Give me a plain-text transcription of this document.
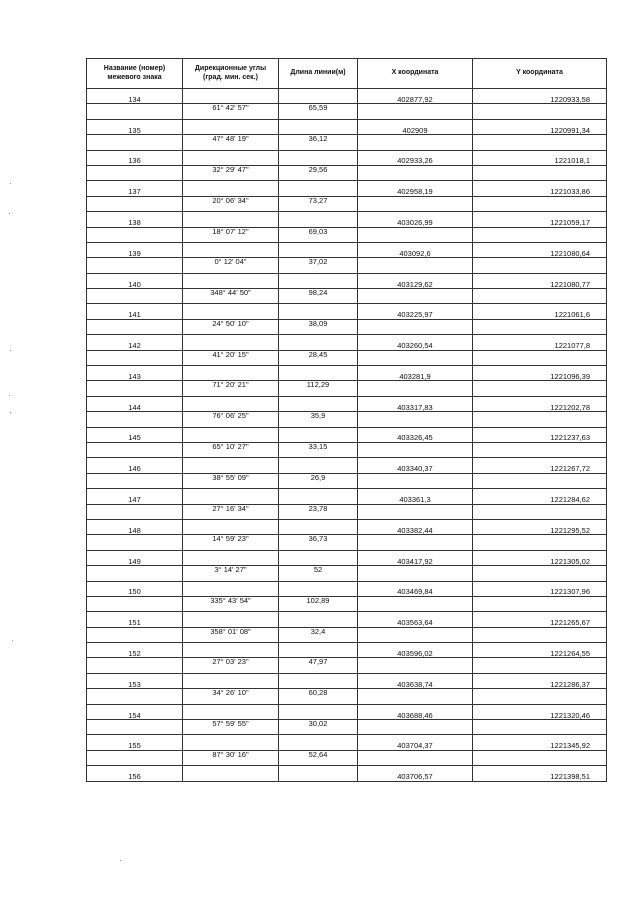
Название (номер) межевого знака	Дирекционные углы (град. мин. сек.)	Длина линии(м)	X координата	Y координата
134			402877,92	1220933,58
	61° 42' 57"	65,59		
135			402909	1220991,34
	47° 48' 19"	36,12		
136			402933,26	1221018,1
	32° 29' 47"	29,56		
137			402958,19	1221033,86
	20° 06' 34"	73,27		
138			403026,99	1221059,17
	18° 07' 12"	69,03		
139			403092,6	1221080,64
	0° 12' 04"	37,02		
140			403129,62	1221080,77
	348° 44' 50"	98,24		
141			403225,97	1221061,6
	24° 50' 10"	38,09		
142			403260,54	1221077,8
	41° 20' 15"	28,45		
143			403281,9	1221096,39
	71° 20' 21"	112,29		
144			403317,83	1221202,78
	76° 06' 25"	35,9		
145			403326,45	1221237,63
	65° 10' 27"	33,15		
146			403340,37	1221267,72
	38° 55' 09"	26,9		
147			403361,3	1221284,62
	27° 16' 34"	23,78		
148			403382,44	1221295,52
	14° 59' 23"	36,73		
149			403417,92	1221305,02
	3° 14' 27"	52		
150			403469,84	1221307,96
	335° 43' 54"	102,89		
151			403563,64	1221265,67
	358° 01' 08"	32,4		
152			403596,02	1221264,55
	27° 03' 23"	47,97		
153			403638,74	1221286,37
	34° 26' 10"	60,28		
154			403688,46	1221320,46
	57° 59' 55"	30,02		
155			403704,37	1221345,92
	87° 30' 16"	52,64		
156			403706,57	1221398,51
